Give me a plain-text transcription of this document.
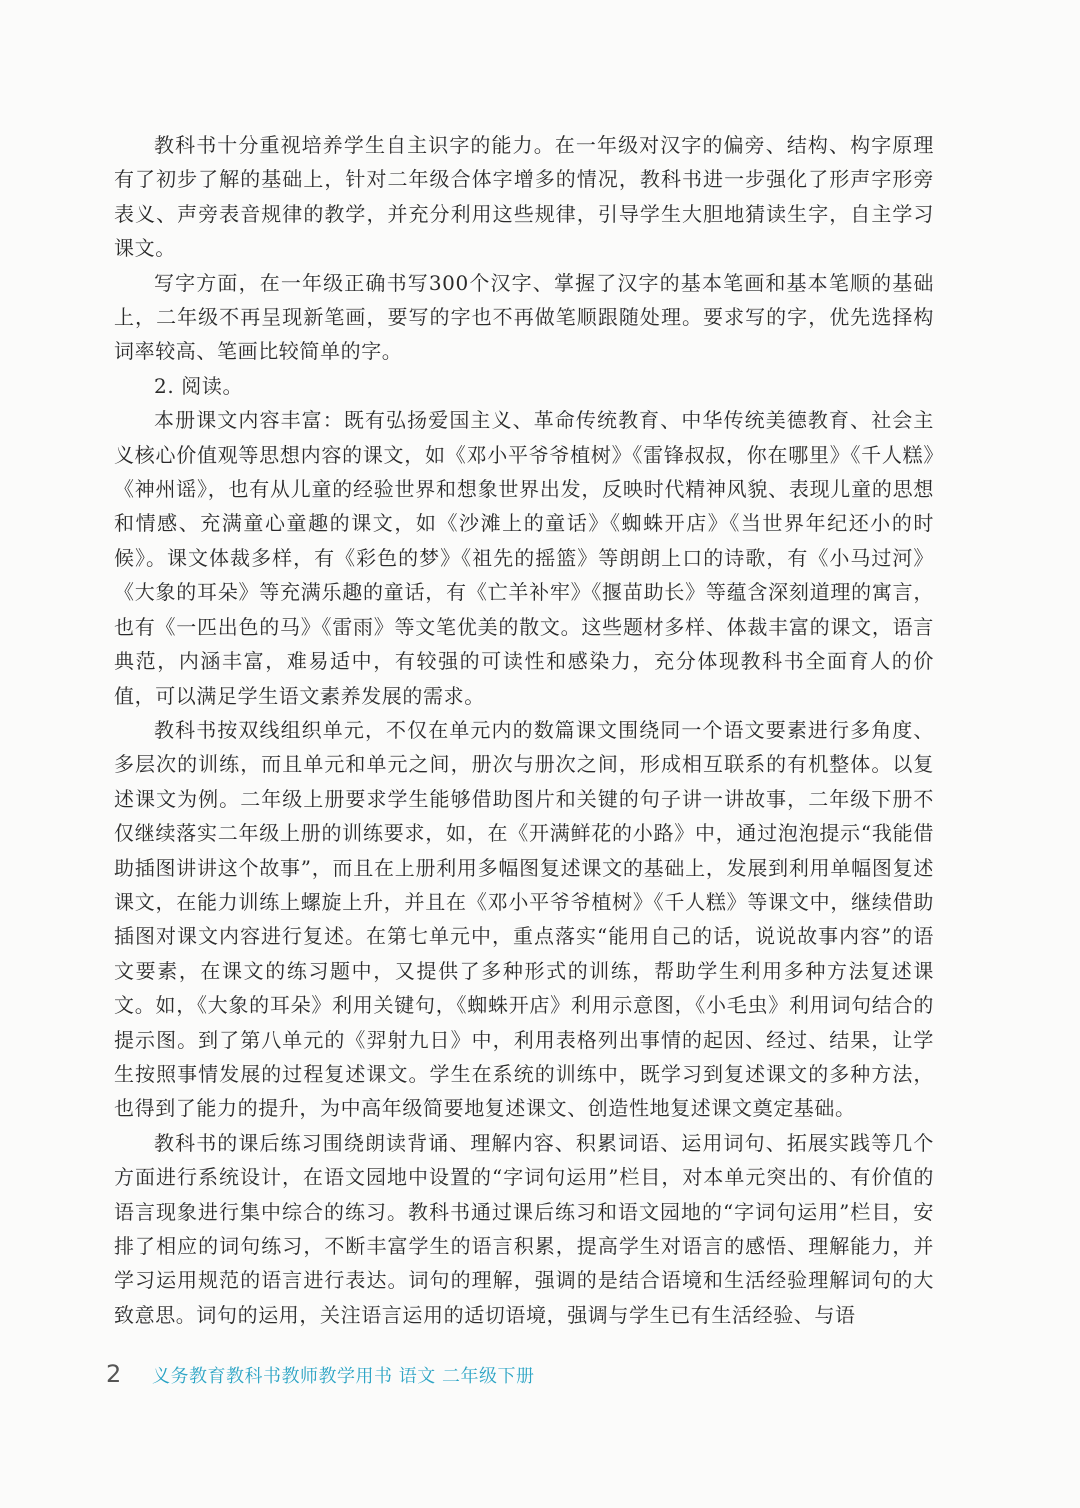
教科书十分重视培养学生自主识字的能力。在一年级对汉字的偏旁、结构、构字原理有了初步了解的基础上，针对二年级合体字增多的情况，教科书进一步强化了形声字形旁表义、声旁表音规律的教学，并充分利用这些规律，引导学生大胆地猜读生字，自主学习课文。

写字方面，在一年级正确书写300个汉字、掌握了汉字的基本笔画和基本笔顺的基础上，二年级不再呈现新笔画，要写的字也不再做笔顺跟随处理。要求写的字，优先选择构词率较高、笔画比较简单的字。

2. 阅读。

本册课文内容丰富：既有弘扬爱国主义、革命传统教育、中华传统美德教育、社会主义核心价值观等思想内容的课文，如《邓小平爷爷植树》《雷锋叔叔，你在哪里》《千人糕》《神州谣》，也有从儿童的经验世界和想象世界出发，反映时代精神风貌、表现儿童的思想和情感、充满童心童趣的课文，如《沙滩上的童话》《蜘蛛开店》《当世界年纪还小的时候》。课文体裁多样，有《彩色的梦》《祖先的摇篮》等朗朗上口的诗歌，有《小马过河》《大象的耳朵》等充满乐趣的童话，有《亡羊补牢》《揠苗助长》等蕴含深刻道理的寓言，也有《一匹出色的马》《雷雨》等文笔优美的散文。这些题材多样、体裁丰富的课文，语言典范，内涵丰富，难易适中，有较强的可读性和感染力，充分体现教科书全面育人的价值，可以满足学生语文素养发展的需求。

教科书按双线组织单元，不仅在单元内的数篇课文围绕同一个语文要素进行多角度、多层次的训练，而且单元和单元之间，册次与册次之间，形成相互联系的有机整体。以复述课文为例。二年级上册要求学生能够借助图片和关键的句子讲一讲故事，二年级下册不仅继续落实二年级上册的训练要求，如，在《开满鲜花的小路》中，通过泡泡提示“我能借助插图讲讲这个故事”，而且在上册利用多幅图复述课文的基础上，发展到利用单幅图复述课文，在能力训练上螺旋上升，并且在《邓小平爷爷植树》《千人糕》等课文中，继续借助插图对课文内容进行复述。在第七单元中，重点落实“能用自己的话，说说故事内容”的语文要素，在课文的练习题中，又提供了多种形式的训练，帮助学生利用多种方法复述课文。如，《大象的耳朵》利用关键句，《蜘蛛开店》利用示意图，《小毛虫》利用词句结合的提示图。到了第八单元的《羿射九日》中，利用表格列出事情的起因、经过、结果，让学生按照事情发展的过程复述课文。学生在系统的训练中，既学习到复述课文的多种方法，也得到了能力的提升，为中高年级简要地复述课文、创造性地复述课文奠定基础。

教科书的课后练习围绕朗读背诵、理解内容、积累词语、运用词句、拓展实践等几个方面进行系统设计，在语文园地中设置的“字词句运用”栏目，对本单元突出的、有价值的语言现象进行集中综合的练习。教科书通过课后练习和语文园地的“字词句运用”栏目，安排了相应的词句练习，不断丰富学生的语言积累，提高学生对语言的感悟、理解能力，并学习运用规范的语言进行表达。词句的理解，强调的是结合语境和生活经验理解词句的大致意思。词句的运用，关注语言运用的适切语境，强调与学生已有生活经验、与语

2	义务教育教科书教师教学用书 语文 二年级下册
